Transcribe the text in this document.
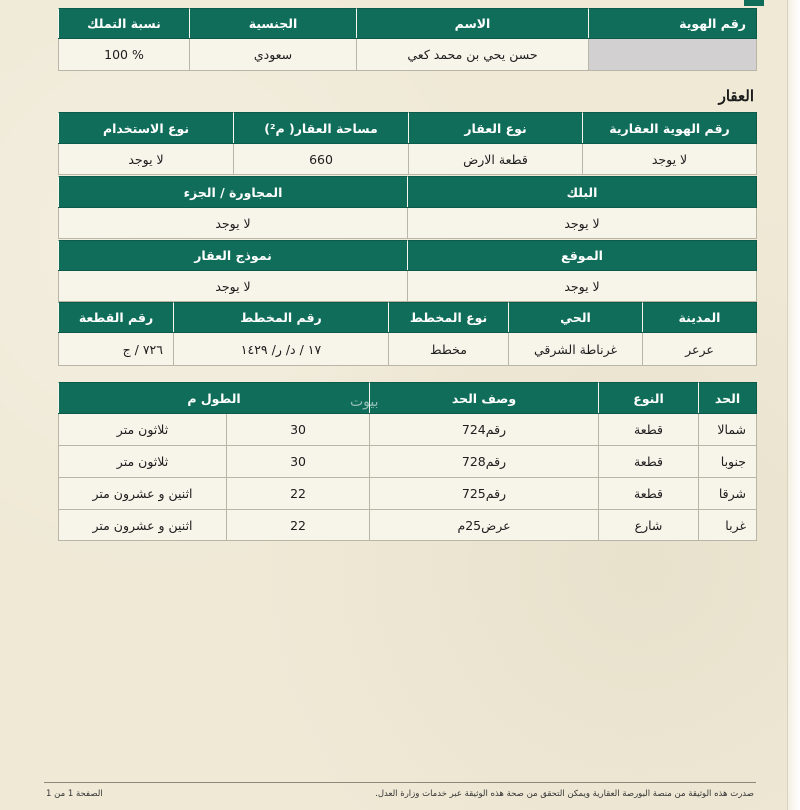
رقم الهوية	الاسم	الجنسية	نسبة التملك
	حسن يحي بن محمد كعي	سعودي	100 %
العقار
رقم الهوية العقارية	نوع العقار	مساحة العقار( م²)	نوع الاستخدام
لا يوجد	قطعة الارض	660	لا يوجد
البلك	المجاورة / الجزء
لا يوجد	لا يوجد
الموقع	نموذج العقار
لا يوجد	لا يوجد
المدينة	الحي	نوع المخطط	رقم المخطط	رقم القطعة
عرعر	غرناطة الشرقي	مخطط	١٧ / د/ ر/ ١٤٢٩	٧٢٦ / ج
الحد	النوع	وصف الحد	الطول م	
شمالا	قطعة	رقم724	30	ثلاثون متر
جنوبا	قطعة	رقم728	30	ثلاثون متر
شرقا	قطعة	رقم725	22	اثنين و عشرون متر
غربا	شارع	عرض25م	22	اثنين و عشرون متر
بيوت
صدرت هذه الوثيقة من منصة البورصة العقارية ويمكن التحقق من صحة هذه الوثيقة عبر خدمات وزارة العدل.
الصفحة 1 من 1
